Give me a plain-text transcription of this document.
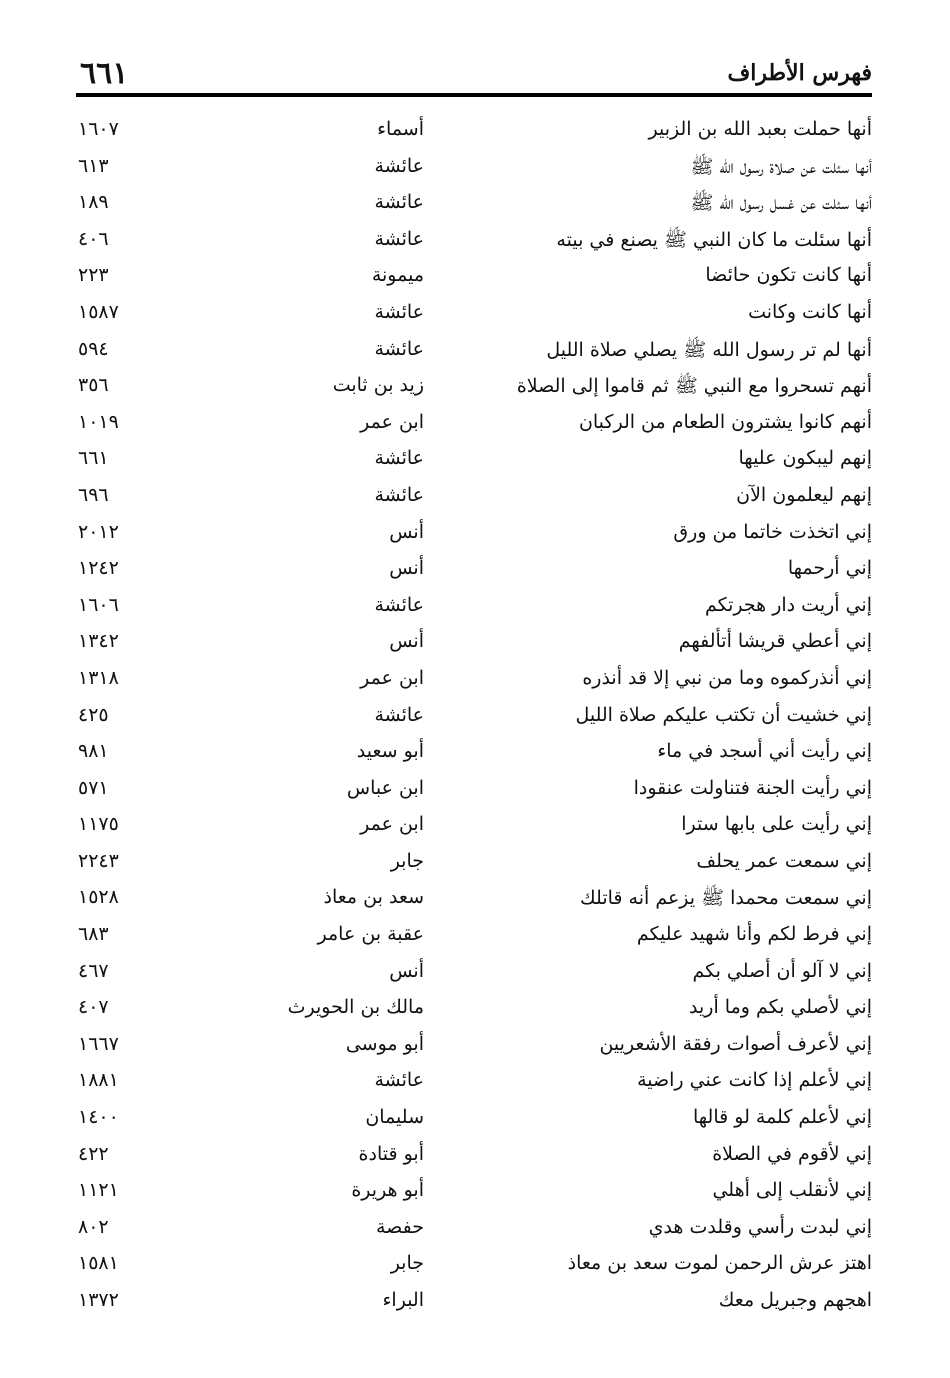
فهرس الأطراف
٦٦١
أنها حملت بعبد الله بن الزبير
أسماء
١٦٠٧
أنها سئلت عن صلاة رسول الله ﷺ
عائشة
٦١٣
أنها سئلت عن غسل رسول الله ﷺ
عائشة
١٨٩
أنها سئلت ما كان النبي ﷺ يصنع في بيته
عائشة
٤٠٦
أنها كانت تكون حائضا
ميمونة
٢٢٣
أنها كانت وكانت
عائشة
١٥٨٧
أنها لم تر رسول الله ﷺ يصلي صلاة الليل
عائشة
٥٩٤
أنهم تسحروا مع النبي ﷺ ثم قاموا إلى الصلاة
زيد بن ثابت
٣٥٦
أنهم كانوا يشترون الطعام من الركبان
ابن عمر
١٠١٩
إنهم ليبكون عليها
عائشة
٦٦١
إنهم ليعلمون الآن
عائشة
٦٩٦
إني اتخذت خاتما من ورق
أنس
٢٠١٢
إني أرحمها
أنس
١٢٤٢
إني أريت دار هجرتكم
عائشة
١٦٠٦
إني أعطي قريشا أتألفهم
أنس
١٣٤٢
إني أنذركموه وما من نبي إلا قد أنذره
ابن عمر
١٣١٨
إني خشيت أن تكتب عليكم صلاة الليل
عائشة
٤٢٥
إني رأيت أني أسجد في ماء
أبو سعيد
٩٨١
إني رأيت الجنة فتناولت عنقودا
ابن عباس
٥٧١
إني رأيت على بابها سترا
ابن عمر
١١٧٥
إني سمعت عمر يحلف
جابر
٢٢٤٣
إني سمعت محمدا ﷺ يزعم أنه قاتلك
سعد بن معاذ
١٥٢٨
إني فرط لكم وأنا شهيد عليكم
عقبة بن عامر
٦٨٣
إني لا آلو أن أصلي بكم
أنس
٤٦٧
إني لأصلي بكم وما أريد
مالك بن الحويرث
٤٠٧
إني لأعرف أصوات رفقة الأشعريين
أبو موسى
١٦٦٧
إني لأعلم إذا كانت عني راضية
عائشة
١٨٨١
إني لأعلم كلمة لو قالها
سليمان
١٤٠٠
إني لأقوم في الصلاة
أبو قتادة
٤٢٢
إني لأنقلب إلى أهلي
أبو هريرة
١١٢١
إني لبدت رأسي وقلدت هدي
حفصة
٨٠٢
اهتز عرش الرحمن لموت سعد بن معاذ
جابر
١٥٨١
اهجهم وجبريل معك
البراء
١٣٧٢
